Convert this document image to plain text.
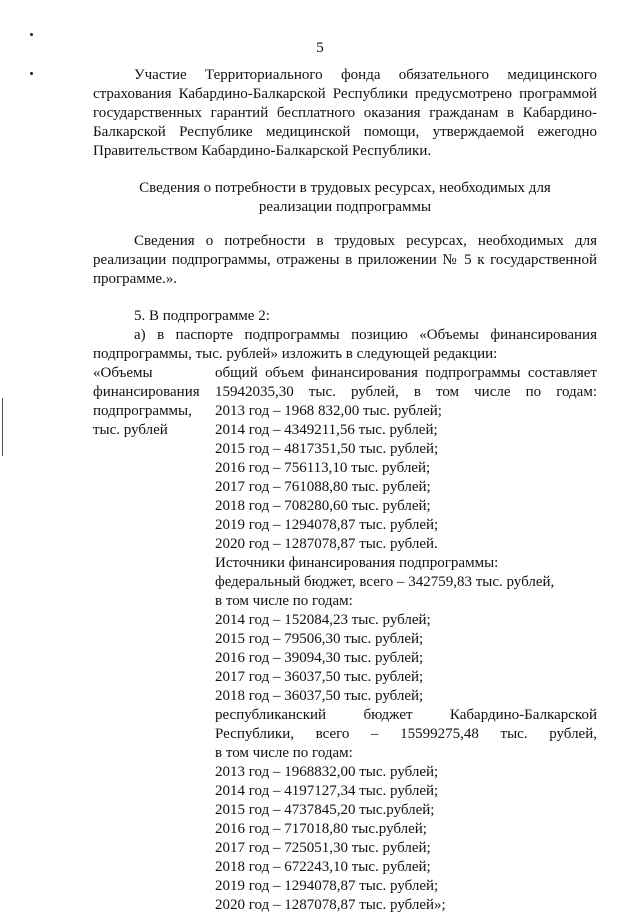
5

Участие Территориального фонда обязательного медицинского страхования Кабардино-Балкарской Республики предусмотрено программой государственных гарантий бесплатного оказания гражданам в Кабардино-Балкарской Республике медицинской помощи, утверждаемой ежегодно Правительством Кабардино-Балкарской Республики.

Сведения о потребности в трудовых ресурсах, необходимых для реализации подпрограммы

Сведения о потребности в трудовых ресурсах, необходимых для реализации подпрограммы, отражены в приложении № 5 к государственной программе.».

5. В подпрограмме 2:

а) в паспорте подпрограммы позицию «Объемы финансирования подпрограммы, тыс. рублей» изложить в следующей редакции:

«Объемы
финансирования
подпрограммы,
тыс. рублей
общий объем финансирования подпрограммы составляет 15942035,30 тыс. рублей, в том числе по годам:
2013 год – 1968 832,00 тыс. рублей;
2014 год – 4349211,56 тыс. рублей;
2015 год – 4817351,50 тыс. рублей;
2016 год – 756113,10 тыс. рублей;
2017 год – 761088,80 тыс. рублей;
2018 год – 708280,60 тыс. рублей;
2019 год – 1294078,87 тыс. рублей;
2020 год – 1287078,87 тыс. рублей.
Источники финансирования подпрограммы:
федеральный бюджет, всего – 342759,83 тыс. рублей,
в том числе по годам:
2014 год – 152084,23 тыс. рублей;
2015 год – 79506,30 тыс. рублей;
2016 год – 39094,30 тыс. рублей;
2017 год – 36037,50 тыс. рублей;
2018 год – 36037,50 тыс. рублей;
республиканский бюджет Кабардино-Балкарской Республики, всего – 15599275,48 тыс. рублей,
в том числе по годам:
2013 год – 1968832,00 тыс. рублей;
2014 год – 4197127,34 тыс. рублей;
2015 год – 4737845,20 тыс.рублей;
2016 год – 717018,80 тыс.рублей;
2017 год – 725051,30 тыс. рублей;
2018 год – 672243,10 тыс. рублей;
2019 год – 1294078,87 тыс. рублей;
2020 год – 1287078,87 тыс. рублей»;
